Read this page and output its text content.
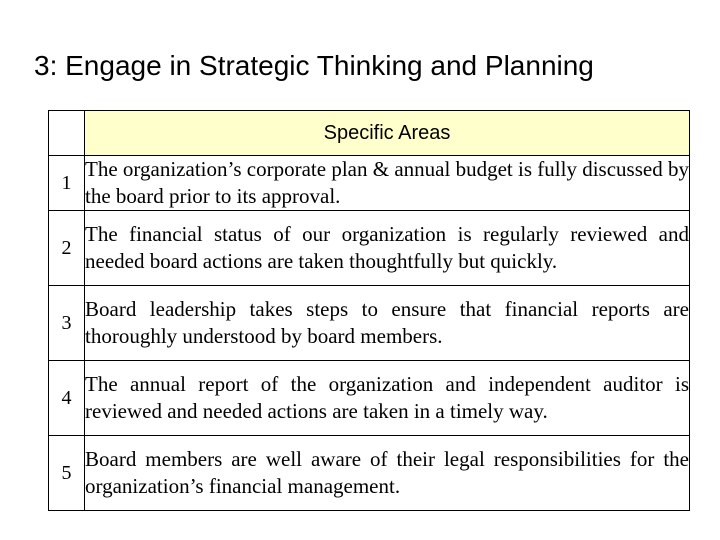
3: Engage in Strategic Thinking and Planning
	Specific Areas
1	The organization’s corporate plan & annual budget is fully discussed by the board prior to its approval.
2	The financial status of our organization is regularly reviewed and needed board actions are taken thoughtfully but quickly.
3	Board leadership takes steps to ensure that financial reports are thoroughly understood by board members.
4	The annual report of the organization and independent auditor is reviewed and needed actions are taken in a timely way.
5	Board members are well aware of their legal responsibilities for the organization’s financial management.
